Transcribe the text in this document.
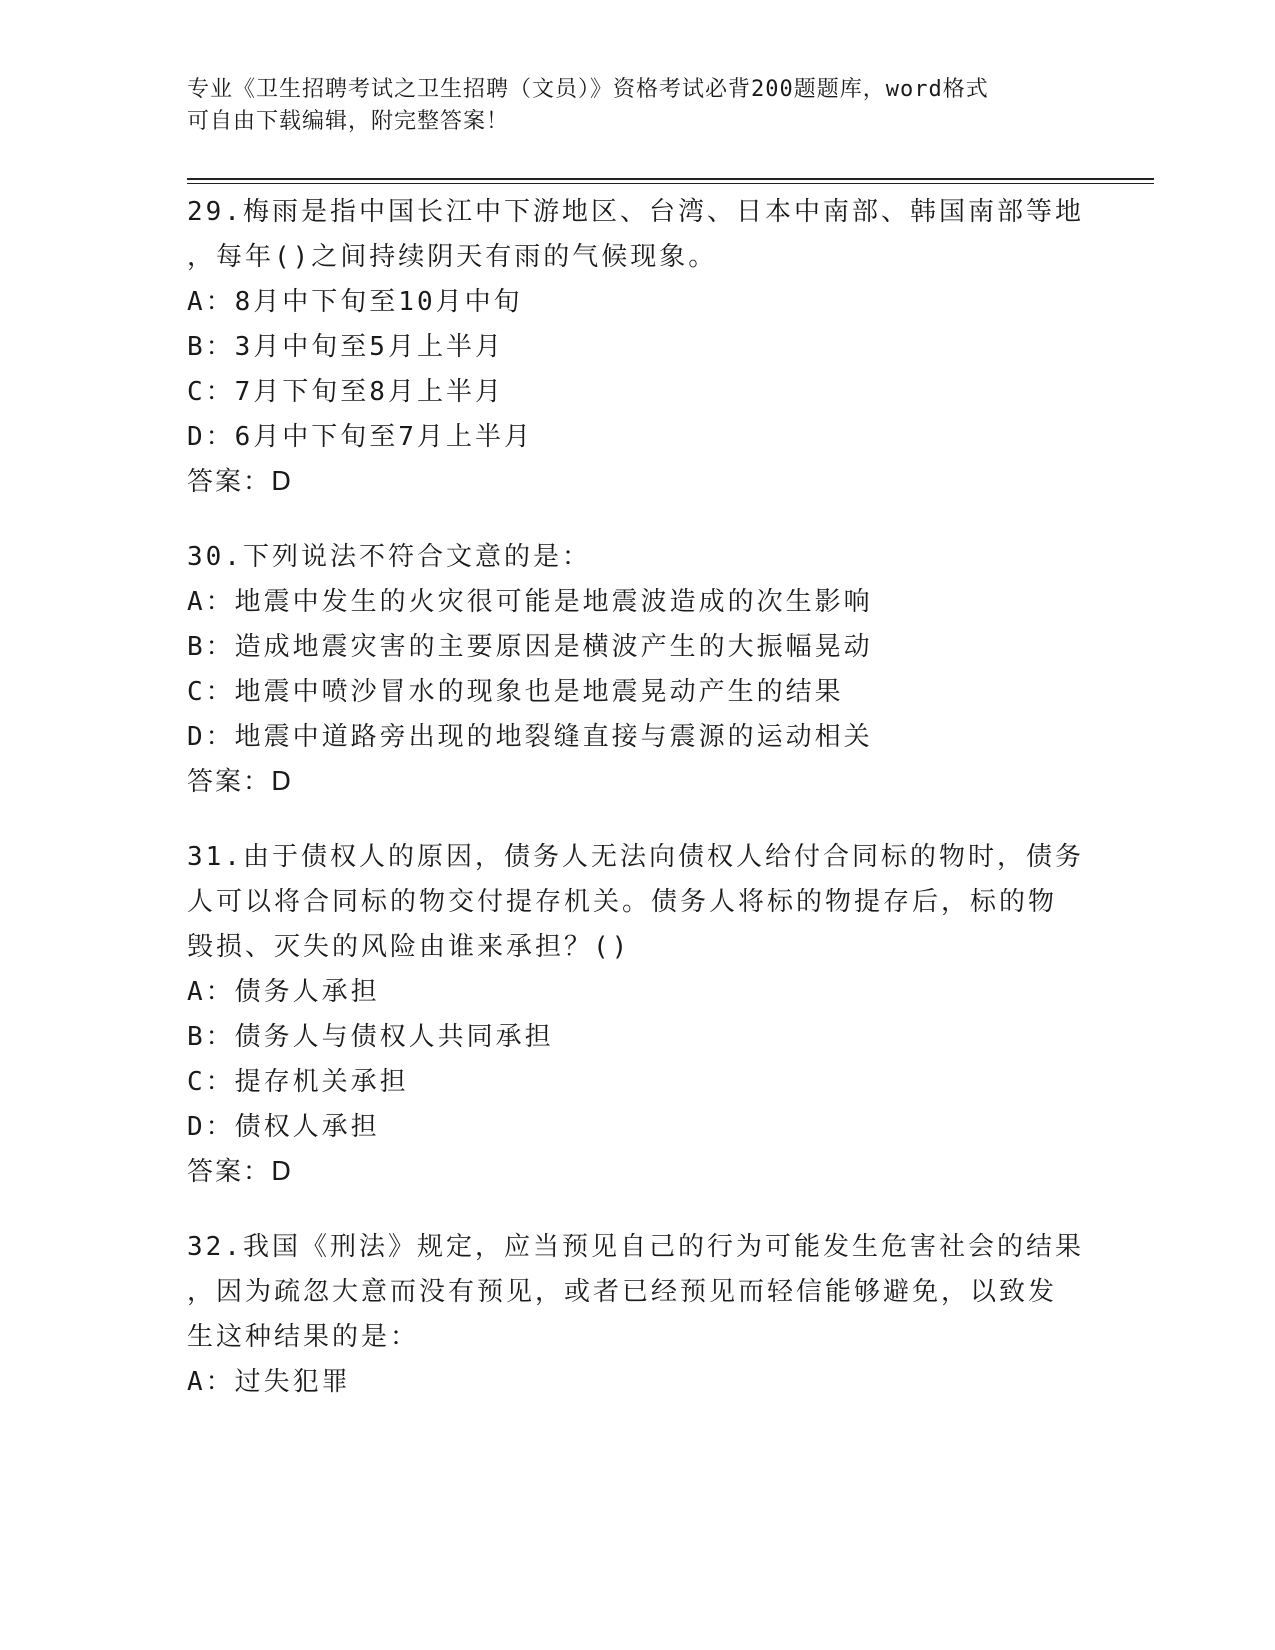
专业《卫生招聘考试之卫生招聘（文员）》资格考试必背200题题库，word格式
可自由下载编辑，附完整答案！
29.梅雨是指中国长江中下游地区、台湾、日本中南部、韩国南部等地
，每年()之间持续阴天有雨的气候现象。
A：8月中下旬至10月中旬
B：3月中旬至5月上半月
C：7月下旬至8月上半月
D：6月中下旬至7月上半月
答案：D
30.下列说法不符合文意的是：
A：地震中发生的火灾很可能是地震波造成的次生影响
B：造成地震灾害的主要原因是横波产生的大振幅晃动
C：地震中喷沙冒水的现象也是地震晃动产生的结果
D：地震中道路旁出现的地裂缝直接与震源的运动相关
答案：D
31.由于债权人的原因，债务人无法向债权人给付合同标的物时，债务
人可以将合同标的物交付提存机关。债务人将标的物提存后，标的物
毁损、灭失的风险由谁来承担？()
A：债务人承担
B：债务人与债权人共同承担
C：提存机关承担
D：债权人承担
答案：D
32.我国《刑法》规定，应当预见自己的行为可能发生危害社会的结果
，因为疏忽大意而没有预见，或者已经预见而轻信能够避免，以致发
生这种结果的是：
A：过失犯罪
